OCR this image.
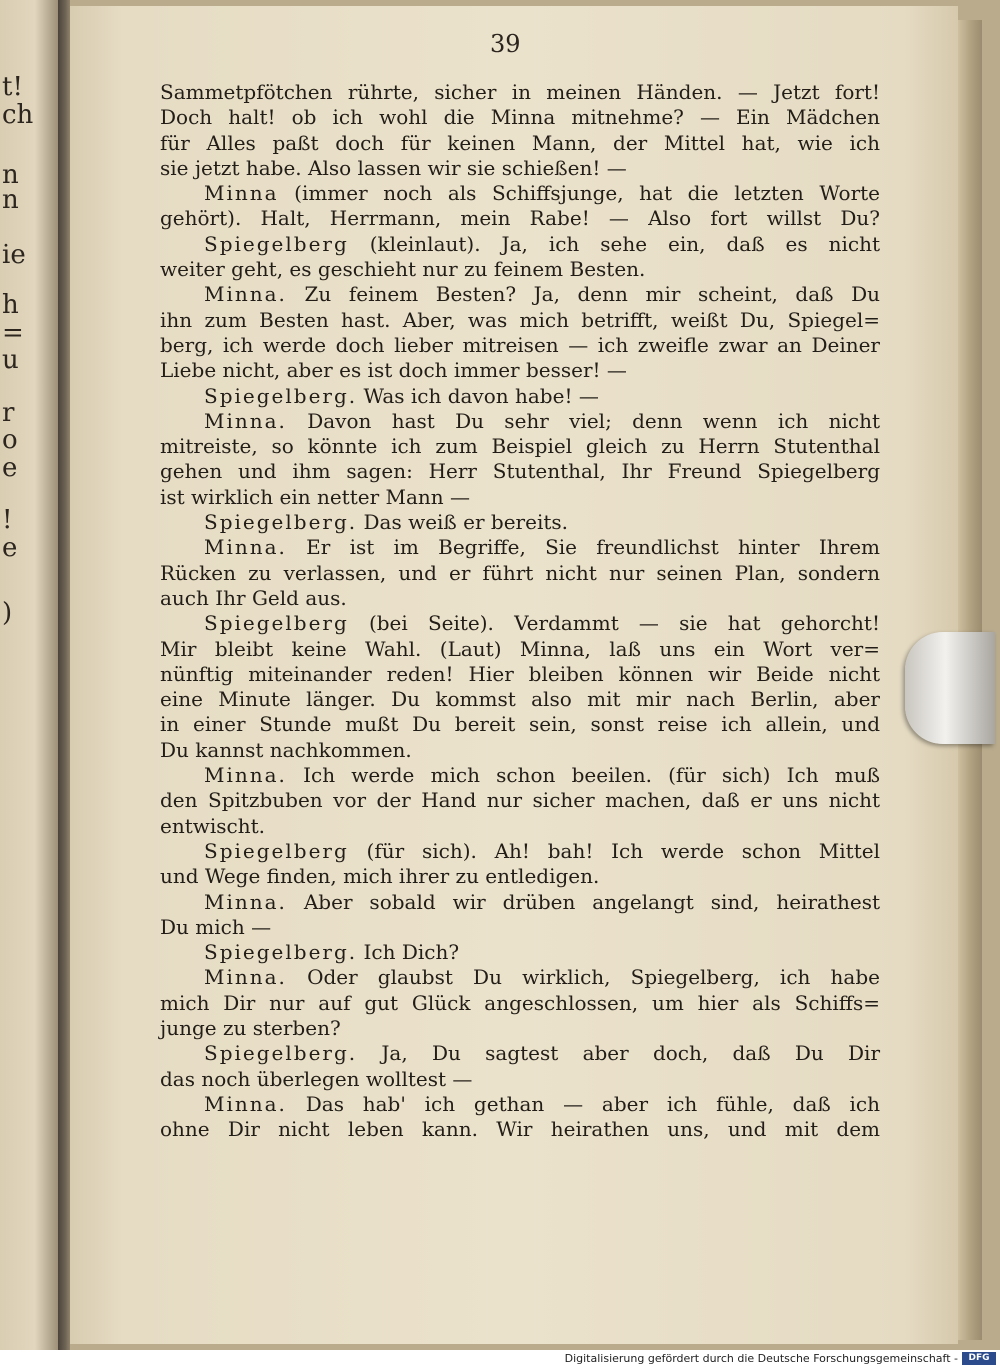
t!
ch
n
n
ie
h
=
u
r
o
e
!
e
)
39
Sammetpfötchen rührte, sicher in meinen Händen. — Jetzt fort!
Doch halt! ob ich wohl die Minna mitnehme? — Ein Mädchen
für Alles paßt doch für keinen Mann, der Mittel hat, wie ich
sie jetzt habe. Also lassen wir sie schießen! —
Minna (immer noch als Schiffsjunge, hat die letzten Worte
gehört). Halt, Herrmann, mein Rabe! — Also fort willst Du?
Spiegelberg (kleinlaut). Ja, ich sehe ein, daß es nicht
weiter geht, es geschieht nur zu feinem Besten.
Minna. Zu feinem Besten? Ja, denn mir scheint, daß Du
ihn zum Besten hast. Aber, was mich betrifft, weißt Du, Spiegel=
berg, ich werde doch lieber mitreisen — ich zweifle zwar an Deiner
Liebe nicht, aber es ist doch immer besser! —
Spiegelberg. Was ich davon habe! —
Minna. Davon hast Du sehr viel; denn wenn ich nicht
mitreiste, so könnte ich zum Beispiel gleich zu Herrn Stutenthal
gehen und ihm sagen: Herr Stutenthal, Ihr Freund Spiegelberg
ist wirklich ein netter Mann —
Spiegelberg. Das weiß er bereits.
Minna. Er ist im Begriffe, Sie freundlichst hinter Ihrem
Rücken zu verlassen, und er führt nicht nur seinen Plan, sondern
auch Ihr Geld aus.
Spiegelberg (bei Seite). Verdammt — sie hat gehorcht!
Mir bleibt keine Wahl. (Laut) Minna, laß uns ein Wort ver=
nünftig miteinander reden! Hier bleiben können wir Beide nicht
eine Minute länger. Du kommst also mit mir nach Berlin, aber
in einer Stunde mußt Du bereit sein, sonst reise ich allein, und
Du kannst nachkommen.
Minna. Ich werde mich schon beeilen. (für sich) Ich muß
den Spitzbuben vor der Hand nur sicher machen, daß er uns nicht
entwischt.
Spiegelberg (für sich). Ah! bah! Ich werde schon Mittel
und Wege finden, mich ihrer zu entledigen.
Minna. Aber sobald wir drüben angelangt sind, heirathest
Du mich —
Spiegelberg. Ich Dich?
Minna. Oder glaubst Du wirklich, Spiegelberg, ich habe
mich Dir nur auf gut Glück angeschlossen, um hier als Schiffs=
junge zu sterben?
Spiegelberg. Ja, Du sagtest aber doch, daß Du Dir
das noch überlegen wolltest —
Minna. Das hab' ich gethan — aber ich fühle, daß ich
ohne Dir nicht leben kann. Wir heirathen uns, und mit dem
Digitalisierung gefördert durch die Deutsche Forschungsgemeinschaft -	DFG
